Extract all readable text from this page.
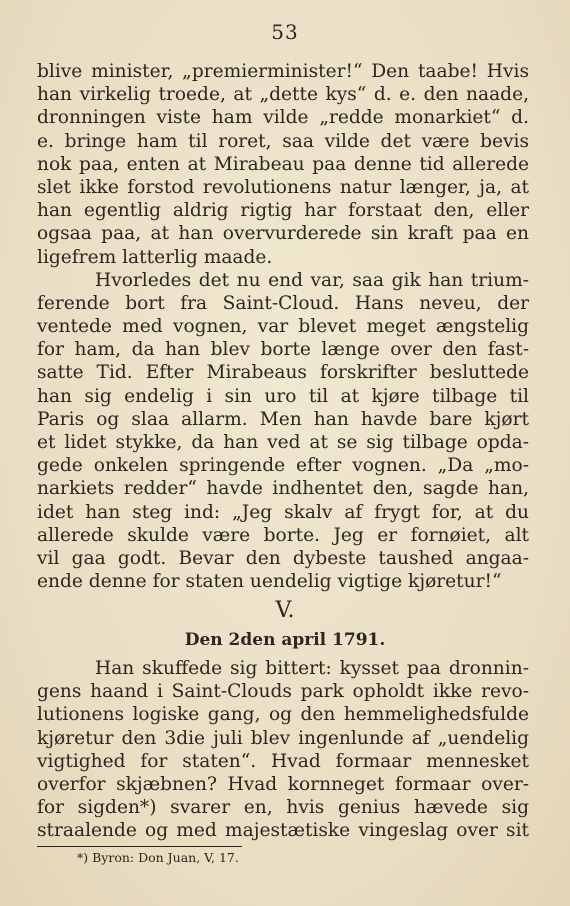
53
blive minister, „premierminister!“ Den taabe! Hvis
han virkelig troede, at „dette kys“ d. e. den naade,
dronningen viste ham vilde „redde monarkiet“ d.
e. bringe ham til roret, saa vilde det være bevis
nok paa, enten at Mirabeau paa denne tid allerede
slet ikke forstod revolutionens natur længer, ja, at
han egentlig aldrig rigtig har forstaat den, eller
ogsaa paa, at han overvurderede sin kraft paa en
ligefrem latterlig maade.
Hvorledes det nu end var, saa gik han trium-
ferende bort fra Saint-Cloud. Hans neveu, der
ventede med vognen, var blevet meget ængstelig
for ham, da han blev borte længe over den fast-
satte Tid. Efter Mirabeaus forskrifter besluttede
han sig endelig i sin uro til at kjøre tilbage til
Paris og slaa allarm. Men han havde bare kjørt
et lidet stykke, da han ved at se sig tilbage opda-
gede onkelen springende efter vognen. „Da „mo-
narkiets redder“ havde indhentet den, sagde han,
idet han steg ind: „Jeg skalv af frygt for, at du
allerede skulde være borte. Jeg er fornøiet, alt
vil gaa godt. Bevar den dybeste taushed angaa-
ende denne for staten uendelig vigtige kjøretur!“
V.
Den 2den april 1791.
Han skuffede sig bittert: kysset paa dronnin-
gens haand i Saint-Clouds park opholdt ikke revo-
lutionens logiske gang, og den hemmelighedsfulde
kjøretur den 3die juli blev ingenlunde af „uendelig
vigtighed for staten“. Hvad formaar mennesket
overfor skjæbnen? Hvad kornneget formaar over-
for sigden*) svarer en, hvis genius hævede sig
straalende og med majestætiske vingeslag over sit
*) Byron: Don Juan, V, 17.
